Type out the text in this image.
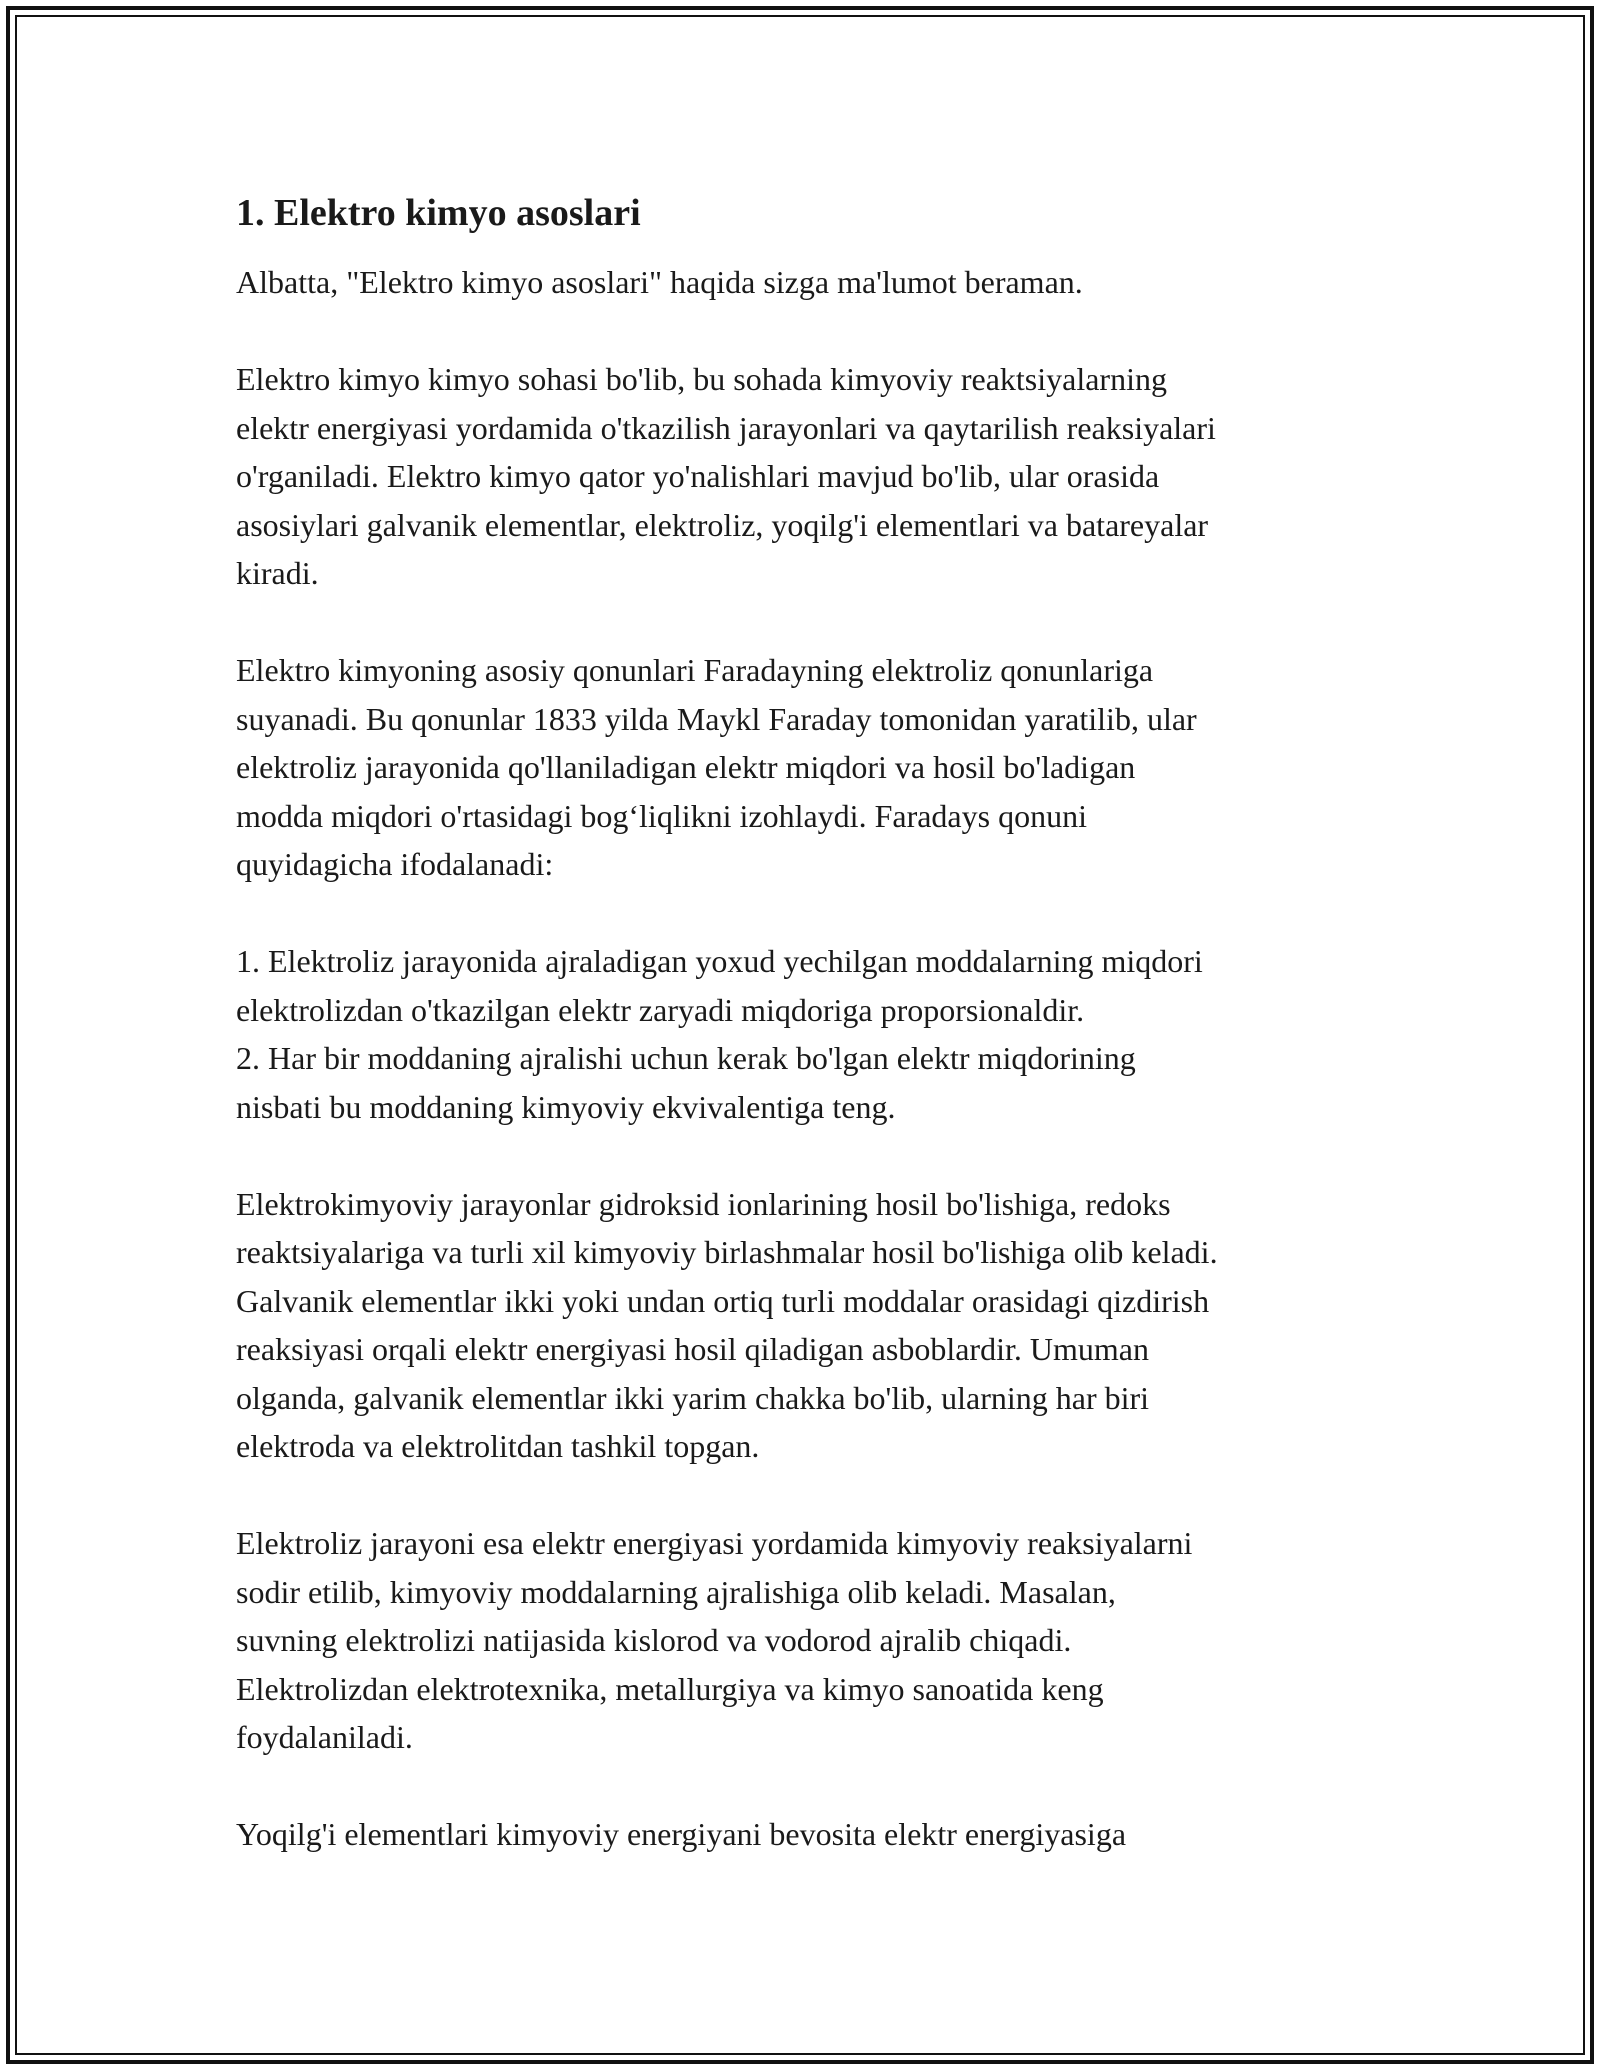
1. Elektro kimyo asoslari

Albatta, "Elektro kimyo asoslari" haqida sizga ma'lumot beraman.

Elektro kimyo kimyo sohasi bo'lib, bu sohada kimyoviy reaktsiyalarning
elektr energiyasi yordamida o'tkazilish jarayonlari va qaytarilish reaksiyalari
o'rganiladi. Elektro kimyo qator yo'nalishlari mavjud bo'lib, ular orasida
asosiylari galvanik elementlar, elektroliz, yoqilg'i elementlari va batareyalar
kiradi.

Elektro kimyoning asosiy qonunlari Faradayning elektroliz qonunlariga
suyanadi. Bu qonunlar 1833 yilda Maykl Faraday tomonidan yaratilib, ular
elektroliz jarayonida qo'llaniladigan elektr miqdori va hosil bo'ladigan
modda miqdori o'rtasidagi bog‘liqlikni izohlaydi. Faradays qonuni
quyidagicha ifodalanadi:

1. Elektroliz jarayonida ajraladigan yoxud yechilgan moddalarning miqdori
elektrolizdan o'tkazilgan elektr zaryadi miqdoriga proporsionaldir.
2. Har bir moddaning ajralishi uchun kerak bo'lgan elektr miqdorining
nisbati bu moddaning kimyoviy ekvivalentiga teng.

Elektrokimyoviy jarayonlar gidroksid ionlarining hosil bo'lishiga, redoks
reaktsiyalariga va turli xil kimyoviy birlashmalar hosil bo'lishiga olib keladi.
Galvanik elementlar ikki yoki undan ortiq turli moddalar orasidagi qizdirish
reaksiyasi orqali elektr energiyasi hosil qiladigan asboblardir. Umuman
olganda, galvanik elementlar ikki yarim chakka bo'lib, ularning har biri
elektroda va elektrolitdan tashkil topgan.

Elektroliz jarayoni esa elektr energiyasi yordamida kimyoviy reaksiyalarni
sodir etilib, kimyoviy moddalarning ajralishiga olib keladi. Masalan,
suvning elektrolizi natijasida kislorod va vodorod ajralib chiqadi.
Elektrolizdan elektrotexnika, metallurgiya va kimyo sanoatida keng
foydalaniladi.

Yoqilg'i elementlari kimyoviy energiyani bevosita elektr energiyasiga
